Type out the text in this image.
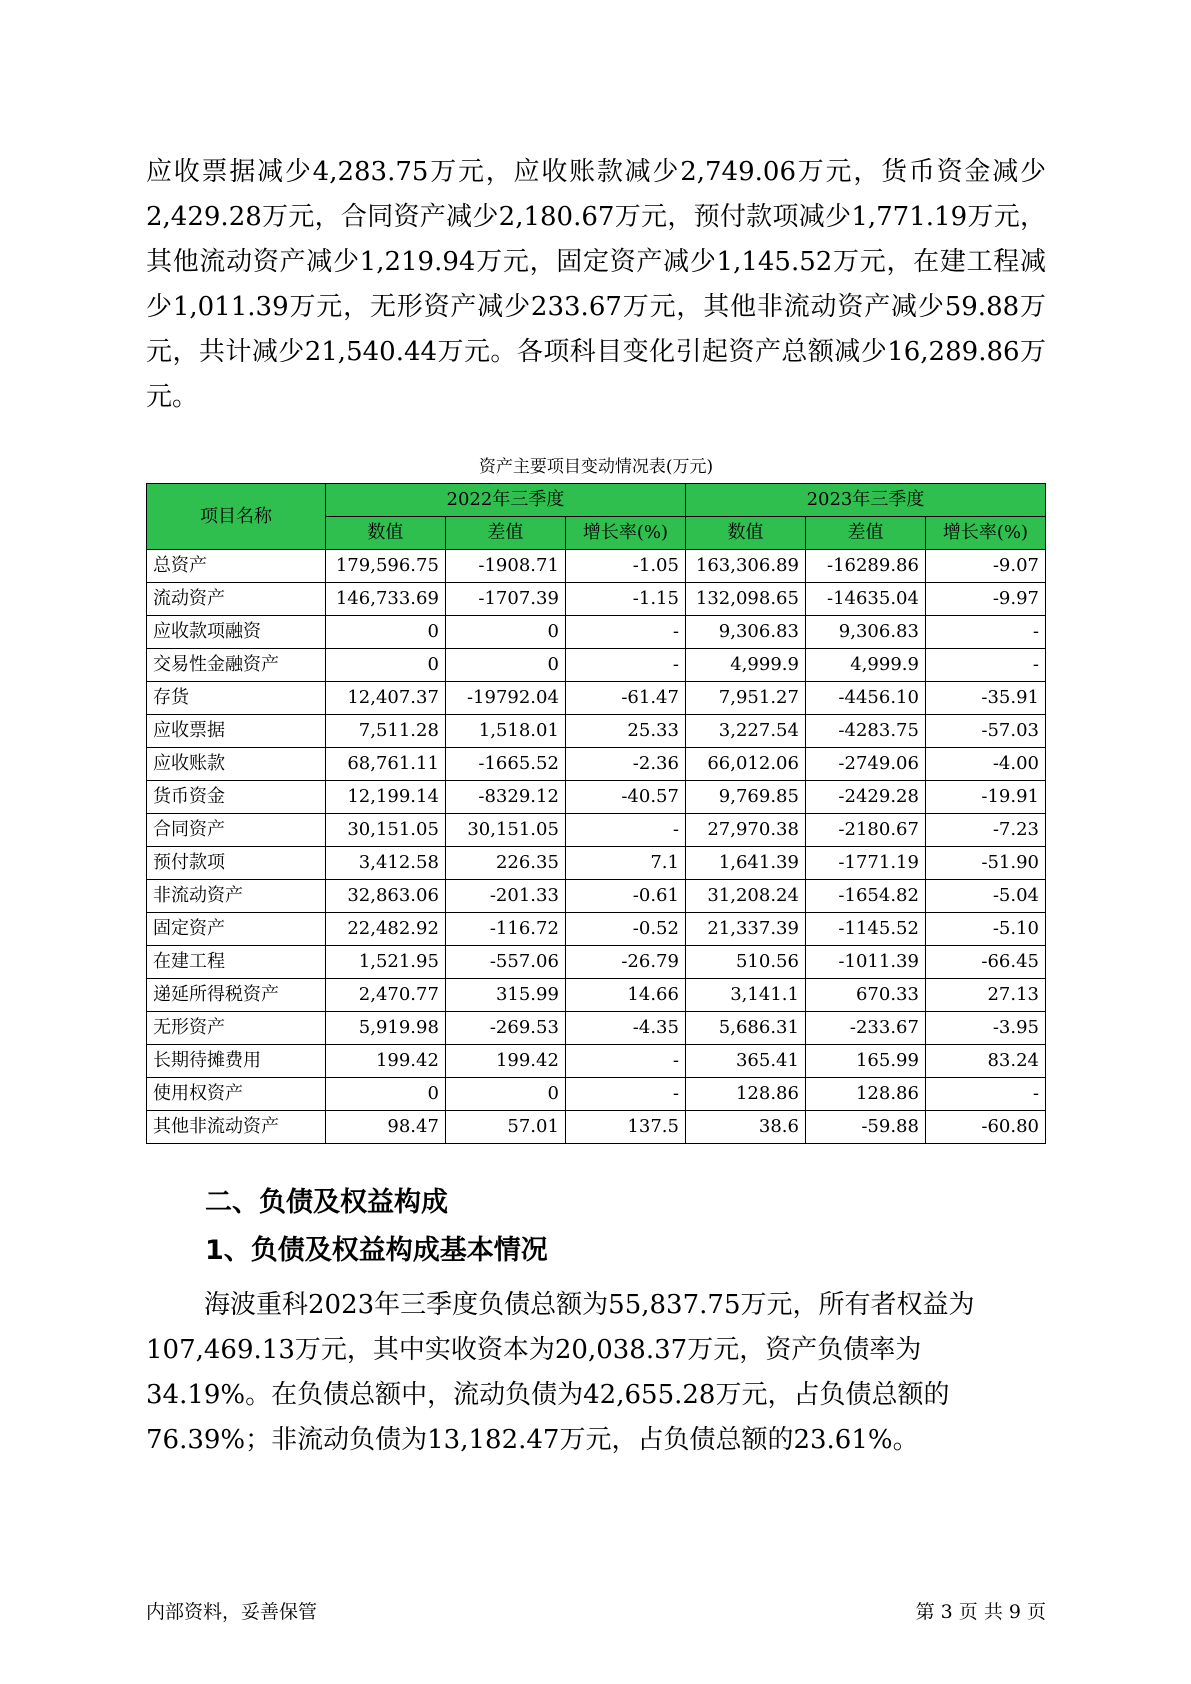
应收票据减少4,283.75万元，应收账款减少2,749.06万元，货币资金减少2,429.28万元，合同资产减少2,180.67万元，预付款项减少1,771.19万元，其他流动资产减少1,219.94万元，固定资产减少1,145.52万元，在建工程减少1,011.39万元，无形资产减少233.67万元，其他非流动资产减少59.88万元，共计减少21,540.44万元。各项科目变化引起资产总额减少16,289.86万元。

资产主要项目变动情况表(万元)
项目名称	2022年三季度			2023年三季度		
	数值	差值	增长率(%)	数值	差值	增长率(%)
总资产	179,596.75	-1908.71	-1.05	163,306.89	-16289.86	-9.07
流动资产	146,733.69	-1707.39	-1.15	132,098.65	-14635.04	-9.97
应收款项融资	0	0	-	9,306.83	9,306.83	-
交易性金融资产	0	0	-	4,999.9	4,999.9	-
存货	12,407.37	-19792.04	-61.47	7,951.27	-4456.10	-35.91
应收票据	7,511.28	1,518.01	25.33	3,227.54	-4283.75	-57.03
应收账款	68,761.11	-1665.52	-2.36	66,012.06	-2749.06	-4.00
货币资金	12,199.14	-8329.12	-40.57	9,769.85	-2429.28	-19.91
合同资产	30,151.05	30,151.05	-	27,970.38	-2180.67	-7.23
预付款项	3,412.58	226.35	7.1	1,641.39	-1771.19	-51.90
非流动资产	32,863.06	-201.33	-0.61	31,208.24	-1654.82	-5.04
固定资产	22,482.92	-116.72	-0.52	21,337.39	-1145.52	-5.10
在建工程	1,521.95	-557.06	-26.79	510.56	-1011.39	-66.45
递延所得税资产	2,470.77	315.99	14.66	3,141.1	670.33	27.13
无形资产	5,919.98	-269.53	-4.35	5,686.31	-233.67	-3.95
长期待摊费用	199.42	199.42	-	365.41	165.99	83.24
使用权资产	0	0	-	128.86	128.86	-
其他非流动资产	98.47	57.01	137.5	38.6	-59.88	-60.80
二、负债及权益构成
1、负债及权益构成基本情况

海波重科2023年三季度负债总额为55,837.75万元，所有者权益为107,469.13万元，其中实收资本为20,038.37万元，资产负债率为34.19%。在负债总额中，流动负债为42,655.28万元，占负债总额的76.39%；非流动负债为13,182.47万元，占负债总额的23.61%。

内部资料，妥善保管	第 3 页 共 9 页
